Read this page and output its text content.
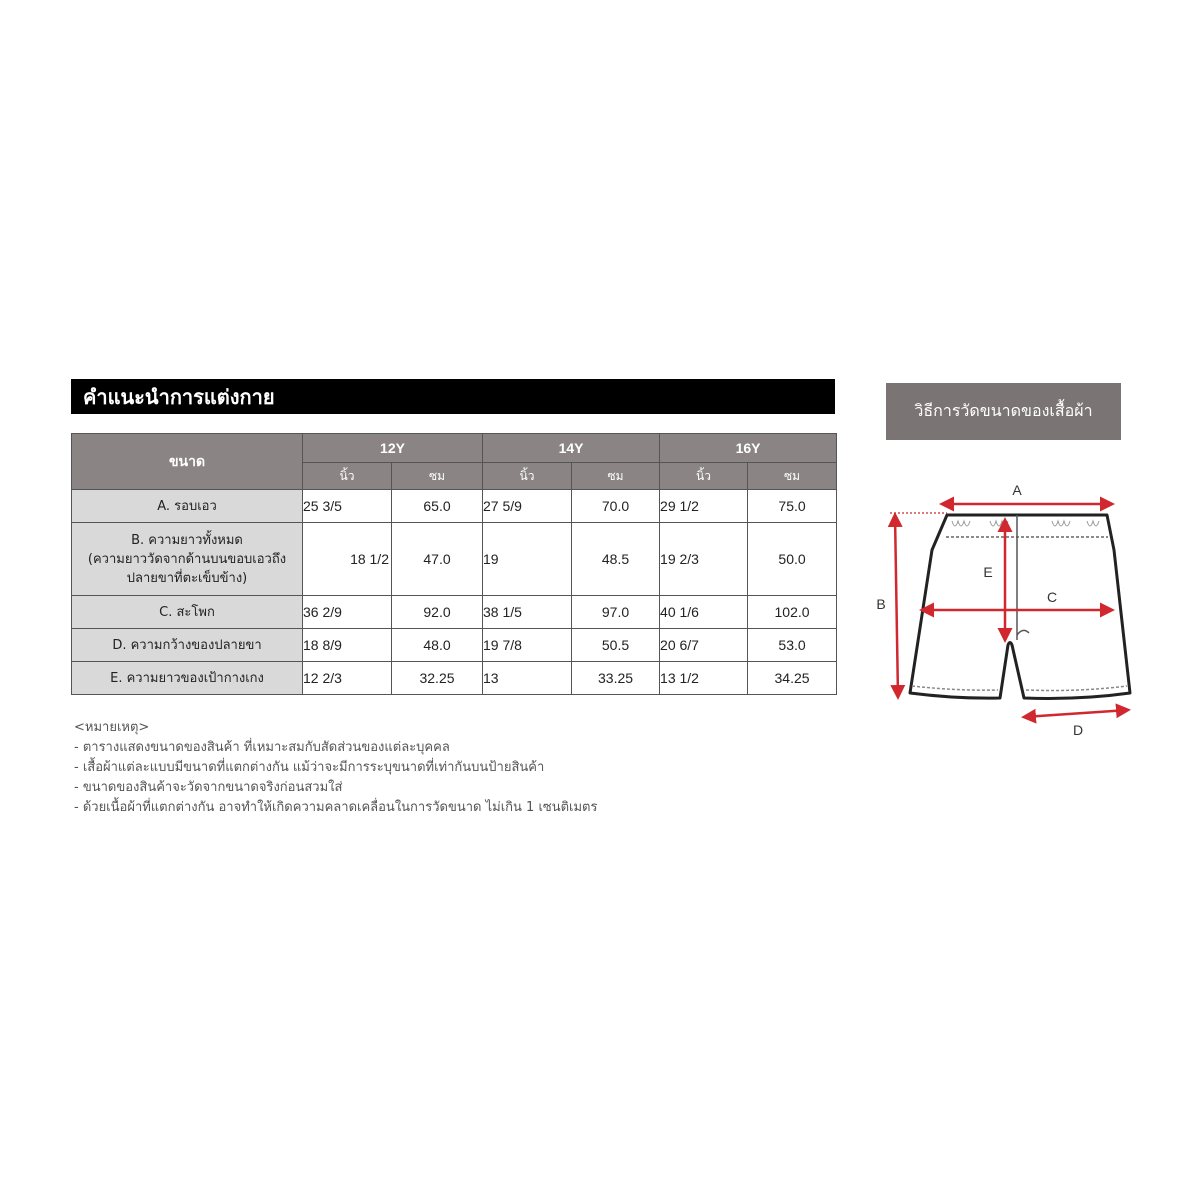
คำแนะนำการแต่งกาย
วิธีการวัดขนาดของเสื้อผ้า
ขนาด	12Y		14Y		16Y	
	นิ้ว	ซม	นิ้ว	ซม	นิ้ว	ซม
A. รอบเอว	25 3/5	65.0	27 5/9	70.0	29 1/2	75.0

B. ความยาวทั้งหมด
(ความยาววัดจากด้านบนขอบเอวถึง
ปลายขาที่ตะเข็บข้าง)	18 1/2	47.0	19	48.5	19 2/3	50.0
C. สะโพก	36 2/9	92.0	38 1/5	97.0	40 1/6	102.0
D. ความกว้างของปลายขา	18 8/9	48.0	19 7/8	50.5	20 6/7	53.0
E. ความยาวของเป้ากางเกง	12 2/3	32.25	13	33.25	13 1/2	34.25
<หมายเหตุ>
- ตารางแสดงขนาดของสินค้า ที่เหมาะสมกับสัดส่วนของแต่ละบุคคล
- เสื้อผ้าแต่ละแบบมีขนาดที่แตกต่างกัน แม้ว่าจะมีการระบุขนาดที่เท่ากันบนป้ายสินค้า
- ขนาดของสินค้าจะวัดจากขนาดจริงก่อนสวมใส่
- ด้วยเนื้อผ้าที่แตกต่างกัน อาจทำให้เกิดความคลาดเคลื่อนในการวัดขนาด ไม่เกิน 1 เซนติเมตร
A
B	C
E
D
